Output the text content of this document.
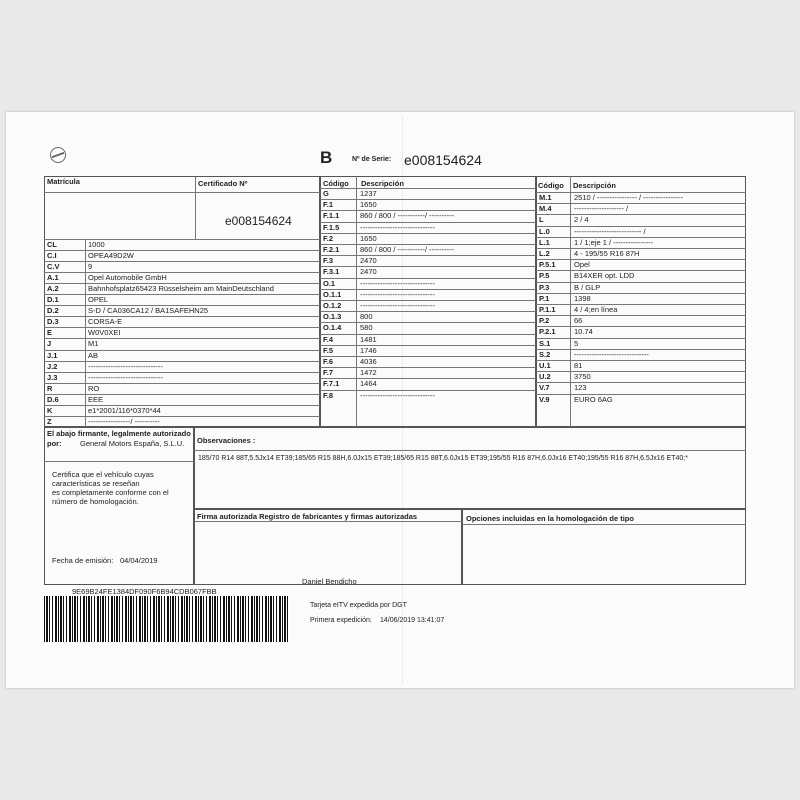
B	Nº de Serie: e008154624
Matrícula	Certificado Nº
e008154624
CL	1000
C.I	OPEA49D2W
C.V	9
A.1	Opel Automobile GmbH
A.2	Bahnhofsplatz65423 Rüsselsheim am MainDeutschland
D.1	OPEL
D.2	S-D / CA036CA12 / BA1SAFEHN25
D.3	CORSA-E
E	W0V0XEI
J	M1
J.1	AB
J.2	------------------------------
J.3	------------------------------
R	RO
D.6	EEE
K	e1*2001/116*0370*44
Z	-----------------/ ----------
Código Descripción
G	1237
F.1	1650
F.1.1	860 / 800 / -----------/ ----------
F.1.5	------------------------------
F.2	1650
F.2.1	860 / 800 / -----------/ ----------
F.3	2470
F.3.1	2470
O.1	------------------------------
O.1.1 ------------------------------
O.1.2 ------------------------------
O.1.3 800
O.1.4 580
F.4	1481
F.5	1746
F.6	4036
F.7	1472
F.7.1	1464
F.8	------------------------------
Código Descripción
M.1	2510 / ---------------- / ----------------
M.4	-------------------- /
L	2 / 4
L.0	--------------------------- /
L.1	1 / 1;eje 1 / ----------------
L.2	4 - 195/55 R16 87H
P.5.1 Opel
P.5	B14XER opt. LDD
P.3	B / GLP
P.1	1398
P.1.1 4 / 4;en línea
P.2	66
P.2.1 10.74
S.1	5
S.2	------------------------------
U.1	81
U.2	3750
V.7	123
V.9	EURO 6AG
El abajo firmante, legalmente autorizado por:	General Motors España, S.L.U.
Certifica que el vehículo cuyas
características se reseñan
es completamente conforme con el
número de homologación.
Fecha de emisión: 04/04/2019
Observaciones :
185/70 R14 88T,5.5Jx14 ET39;185/65 R15 88H,6.0Jx15 ET39;185/65 R15 88T,6.0Jx15 ET39;195/55 R16 87H,6.0Jx16 ET40;195/55 R16 87H,6.5Jx16 ET40;*
Firma autorizada Registro de fabricantes y firmas autorizadas
Daniel Bendicho
Opciones incluidas en la homologación de tipo
9E69B24FE1384DF090F6B94CDB067FBB
Tarjeta eITV expedida por DGT
Primera expedición: 14/06/2019 13:41:07
